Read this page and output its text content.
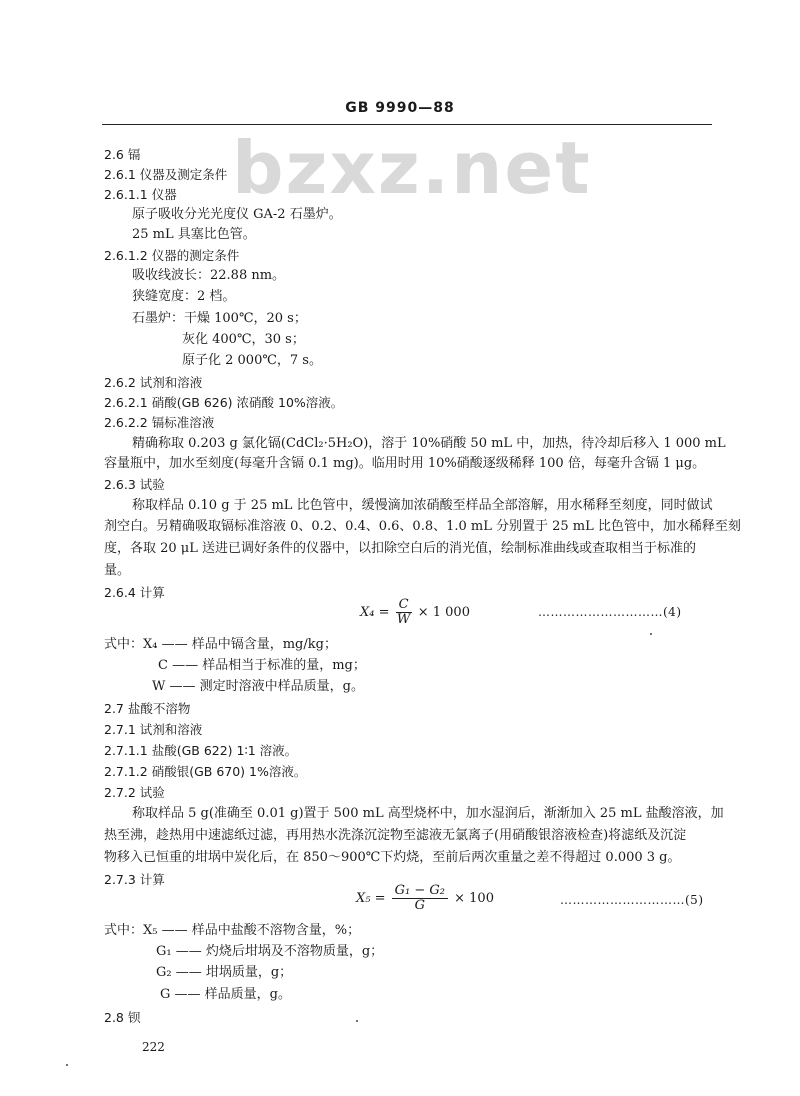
GB 9990—88
bzxz.net
2.6 镉
2.6.1 仪器及测定条件
2.6.1.1 仪器
原子吸收分光光度仪 GA-2 石墨炉。
25 mL 具塞比色管。
2.6.1.2 仪器的测定条件
吸收线波长：22.88 nm。
狭缝宽度：2 档。
石墨炉：干燥 100℃，20 s；
灰化 400℃，30 s；
原子化 2 000℃，7 s。
2.6.2 试剂和溶液
2.6.2.1 硝酸(GB 626) 浓硝酸 10%溶液。
2.6.2.2 镉标准溶液
精确称取 0.203 g 氯化镉(CdCl₂·5H₂O)，溶于 10%硝酸 50 mL 中，加热，待冷却后移入 1 000 mL
容量瓶中，加水至刻度(每毫升含镉 0.1 mg)。临用时用 10%硝酸逐级稀释 100 倍，每毫升含镉 1 μg。
2.6.3 试验
称取样品 0.10 g 于 25 mL 比色管中，缓慢滴加浓硝酸至样品全部溶解，用水稀释至刻度，同时做试
剂空白。另精确吸取镉标准溶液 0、0.2、0.4、0.6、0.8、1.0 mL 分别置于 25 mL 比色管中，加水稀释至刻
度，各取 20 μL 送进已调好条件的仪器中，以扣除空白后的消光值，绘制标准曲线或查取相当于标准的
量。
2.6.4 计算
$X_4 = \frac{C}{W} \times 1$ 000	…………………………(4)
式中：X₄ —— 样品中镉含量，mg/kg；
C —— 样品相当于标准的量，mg；
W —— 测定时溶液中样品质量，g。
2.7 盐酸不溶物
2.7.1 试剂和溶液
2.7.1.1 盐酸(GB 622) 1∶1 溶液。
2.7.1.2 硝酸银(GB 670) 1%溶液。
2.7.2 试验
称取样品 5 g(准确至 0.01 g)置于 500 mL 高型烧杯中，加水湿润后，渐渐加入 25 mL 盐酸溶液，加
热至沸，趁热用中速滤纸过滤，再用热水洗涤沉淀物至滤液无氯离子(用硝酸银溶液检查)将滤纸及沉淀
物移入已恒重的坩埚中炭化后，在 850～900℃下灼烧，至前后两次重量之差不得超过 0.000 3 g。
2.7.3 计算
$X_5 = \frac{\text{G₁ − G₂}}{G} \times 100$	…………………………(5)
式中：X₅ —— 样品中盐酸不溶物含量，%；
G₁ —— 灼烧后坩埚及不溶物质量，g；
G₂ —— 坩埚质量，g；
G —— 样品质量，g。
2.8 钡
222
